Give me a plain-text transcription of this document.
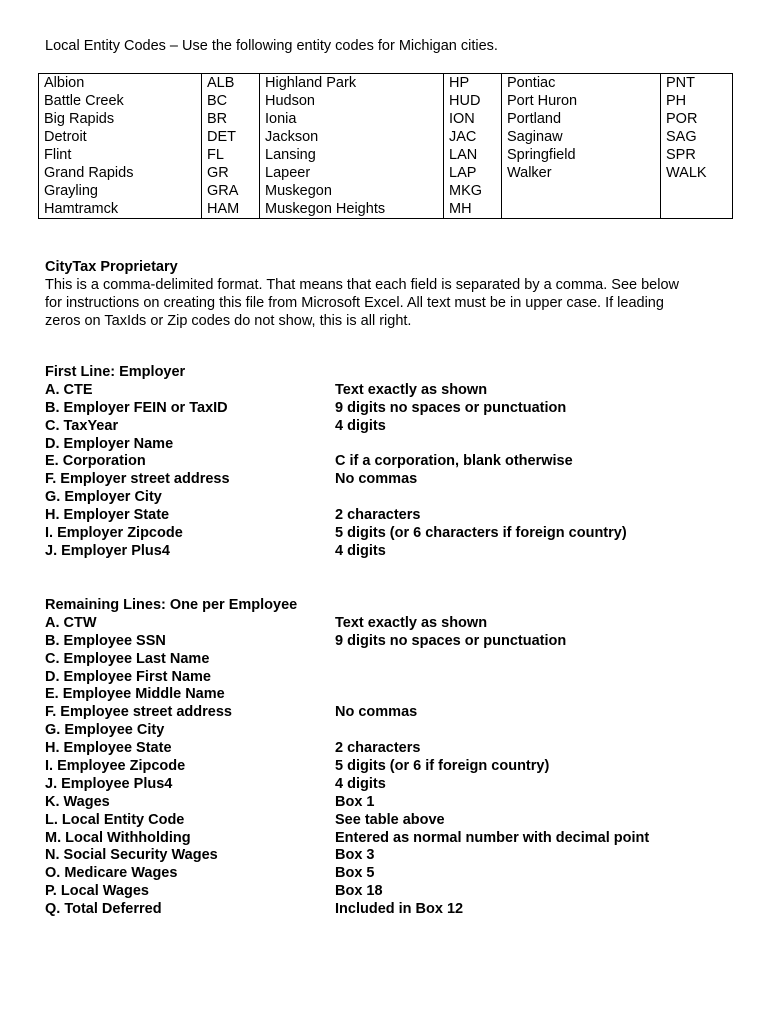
Local Entity Codes – Use the following entity codes for Michigan cities.
Albion	ALB	Highland Park	HP	Pontiac	PNT
Battle Creek	BC	Hudson	HUD	Port Huron	PH
Big Rapids	BR	Ionia	ION	Portland	POR
Detroit	DET	Jackson	JAC	Saginaw	SAG
Flint	FL	Lansing	LAN	Springfield	SPR
Grand Rapids	GR	Lapeer	LAP	Walker	WALK
Grayling	GRA	Muskegon	MKG		
Hamtramck	HAM	Muskegon Heights	MH		
CityTax Proprietary
This is a comma-delimited format. That means that each field is separated by a comma. See below
for instructions on creating this file from Microsoft Excel. All text must be in upper case. If leading
zeros on TaxIds or Zip codes do not show, this is all right.
First Line: Employer
A. CTE	Text exactly as shown
B. Employer FEIN or TaxID	9 digits no spaces or punctuation
C. TaxYear	4 digits
D. Employer Name
E. Corporation	C if a corporation, blank otherwise
F. Employer street address	No commas
G. Employer City
H. Employer State	2 characters
I. Employer Zipcode	5 digits (or 6 characters if foreign country)
J. Employer Plus4	4 digits
Remaining Lines: One per Employee
A. CTW	Text exactly as shown
B. Employee SSN	9 digits no spaces or punctuation
C. Employee Last Name
D. Employee First Name
E. Employee Middle Name
F. Employee street address	No commas
G. Employee City
H. Employee State	2 characters
I. Employee Zipcode	5 digits (or 6 if foreign country)
J. Employee Plus4	4 digits
K. Wages	Box 1
L. Local Entity Code	See table above
M. Local Withholding	Entered as normal number with decimal point
N. Social Security Wages	Box 3
O. Medicare Wages	Box 5
P. Local Wages	Box 18
Q. Total Deferred	Included in Box 12
